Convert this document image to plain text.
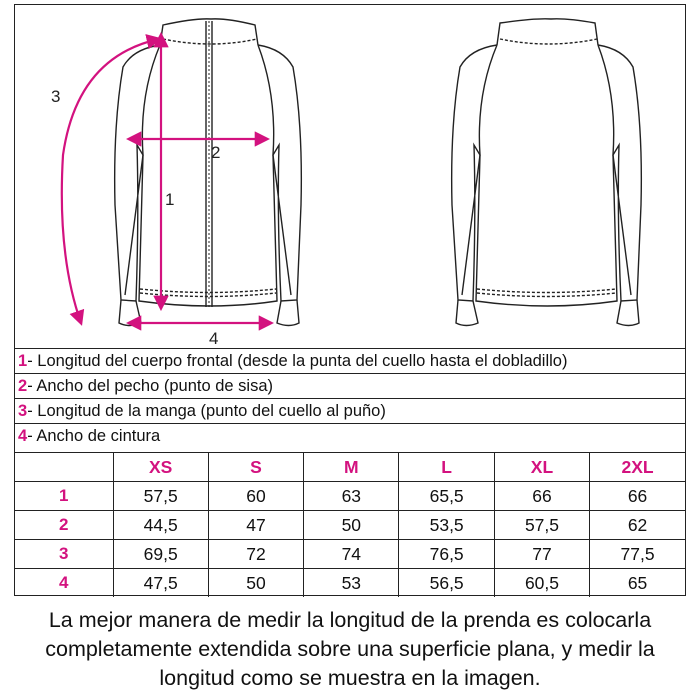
1
2
3
4
1- Longitud del cuerpo frontal (desde la punta del cuello hasta el dobladillo)
2- Ancho del pecho (punto de sisa)
3- Longitud de la manga (punto del cuello al puño)
4- Ancho de cintura
	XS	S	M	L	XL	2XL
1	57,5	60	63	65,5	66	66
2	44,5	47	50	53,5	57,5	62
3	69,5	72	74	76,5	77	77,5
4	47,5	50	53	56,5	60,5	65
La mejor manera de medir la longitud de la prenda es colocarla
completamente extendida sobre una superficie plana, y medir la
longitud como se muestra en la imagen.
